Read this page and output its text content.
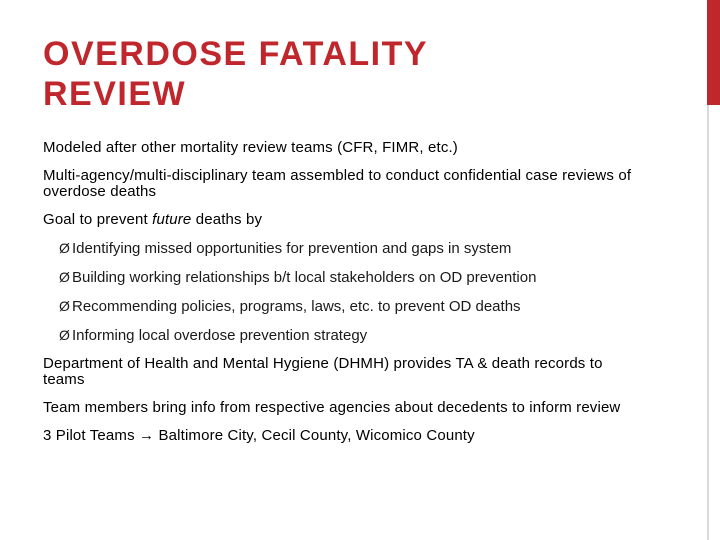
OVERDOSE FATALITY
REVIEW

Modeled after other mortality review teams (CFR, FIMR, etc.)

Multi-agency/multi-disciplinary team assembled to conduct confidential case reviews of overdose deaths

Goal to prevent future deaths by

Ø Identifying missed opportunities for prevention and gaps in system
Ø Building working relationships b/t local stakeholders on OD prevention
Ø Recommending policies, programs, laws, etc. to prevent OD deaths
Ø Informing local overdose prevention strategy

Department of Health and Mental Hygiene (DHMH) provides TA & death records to teams

Team members bring info from respective agencies about decedents to inform review

3 Pilot Teams → Baltimore City, Cecil County, Wicomico County
